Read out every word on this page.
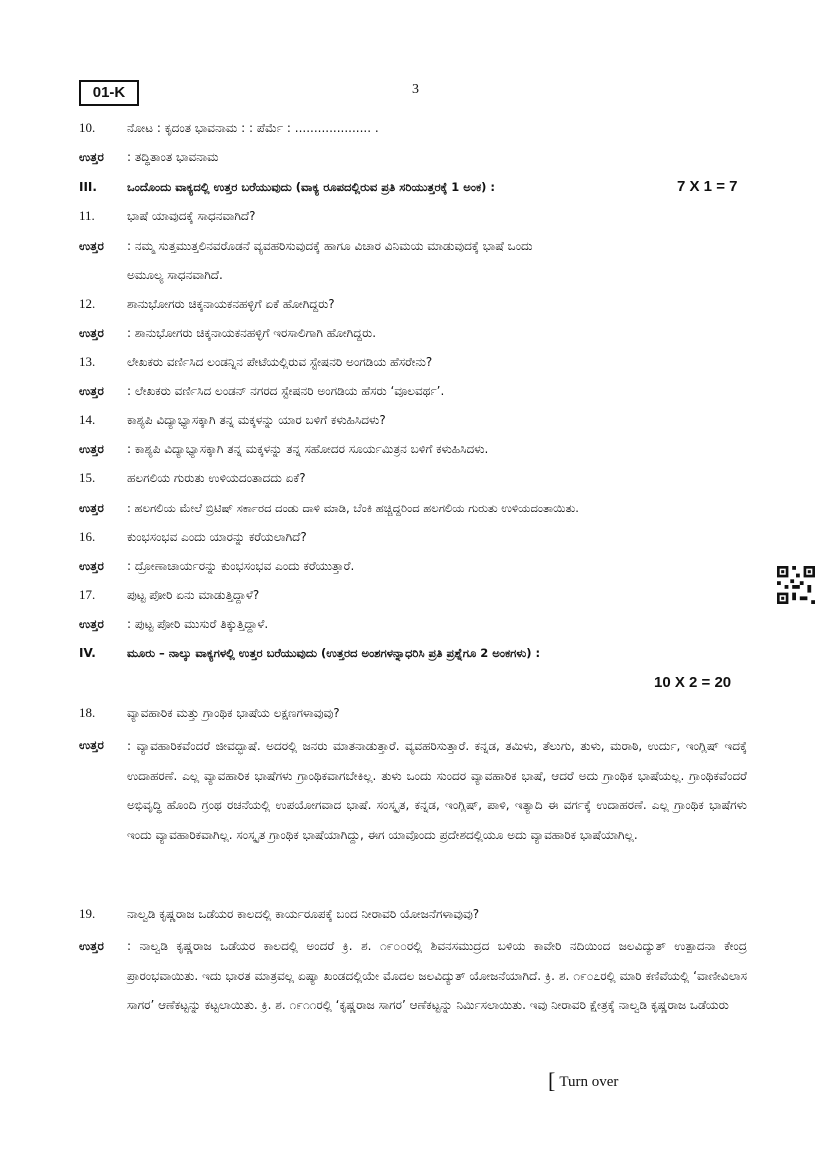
01-K	3
10.	ನೋಟ : ಕೃದಂತ ಭಾವನಾಮ : : ಪೆರ್ಮೆ : .................... .
ಉತ್ತರ : ತದ್ಧಿತಾಂತ ಭಾವನಾಮ
III.	ಒಂದೊಂದು ವಾಕ್ಯದಲ್ಲಿ ಉತ್ತರ ಬರೆಯುವುದು (ವಾಕ್ಯ ರೂಪದಲ್ಲಿರುವ ಪ್ರತಿ ಸರಿಯುತ್ತರಕ್ಕೆ 1 ಅಂಕ) :	7 X 1 = 7
11.	ಭಾಷೆ ಯಾವುದಕ್ಕೆ ಸಾಧನವಾಗಿದೆ?
ಉತ್ತರ : ನಮ್ಮ ಸುತ್ತಮುತ್ತಲಿನವರೊಡನೆ ವ್ಯವಹರಿಸುವುದಕ್ಕೆ ಹಾಗೂ ವಿಚಾರ ವಿನಿಮಯ ಮಾಡುವುದಕ್ಕೆ ಭಾಷೆ ಒಂದು
ಅಮೂಲ್ಯ ಸಾಧನವಾಗಿದೆ.
12.	ಶಾನುಭೋಗರು ಚಿಕ್ಕನಾಯಕನಹಳ್ಳಿಗೆ ಏಕೆ ಹೋಗಿದ್ದರು?
ಉತ್ತರ : ಶಾನುಭೋಗರು ಚಿಕ್ಕನಾಯಕನಹಳ್ಳಿಗೆ ಇರಸಾಲಿಗಾಗಿ ಹೋಗಿದ್ದರು.
13.	ಲೇಖಕರು ವರ್ಣಿಸಿದ ಲಂಡನ್ನಿನ ಪೇಟೆಯಲ್ಲಿರುವ ಸ್ಟೇಷನರಿ ಅಂಗಡಿಯ ಹೆಸರೇನು?
ಉತ್ತರ : ಲೇಖಕರು ವರ್ಣಿಸಿದ ಲಂಡನ್ ನಗರದ ಸ್ಟೇಷನರಿ ಅಂಗಡಿಯ ಹೆಸರು ‘ವೂಲವರ್ಥ’.
14.	ಕಾಶ್ಯಪಿ ವಿದ್ಯಾಭ್ಯಾಸಕ್ಕಾಗಿ ತನ್ನ ಮಕ್ಕಳನ್ನು ಯಾರ ಬಳಿಗೆ ಕಳುಹಿಸಿದಳು?
ಉತ್ತರ : ಕಾಶ್ಯಪಿ ವಿದ್ಯಾಭ್ಯಾಸಕ್ಕಾಗಿ ತನ್ನ ಮಕ್ಕಳನ್ನು ತನ್ನ ಸಹೋದರ ಸೂರ್ಯಮಿತ್ರನ ಬಳಿಗೆ ಕಳುಹಿಸಿದಳು.
15.	ಹಲಗಲಿಯ ಗುರುತು ಉಳಿಯದಂತಾದದು ಏಕೆ?
ಉತ್ತರ : ಹಲಗಲಿಯ ಮೇಲೆ ಬ್ರಿಟಿಷ್ ಸರ್ಕಾರದ ದಂಡು ದಾಳಿ ಮಾಡಿ, ಬೆಂಕಿ ಹಚ್ಚಿದ್ದರಿಂದ ಹಲಗಲಿಯ ಗುರುತು ಉಳಿಯದಂತಾಯಿತು.
16.	ಕುಂಭಸಂಭವ ಎಂದು ಯಾರನ್ನು ಕರೆಯಲಾಗಿದೆ?
ಉತ್ತರ : ದ್ರೋಣಾಚಾರ್ಯರನ್ನು ಕುಂಭಸಂಭವ ಎಂದು ಕರೆಯುತ್ತಾರೆ.
17.	ಪುಟ್ಟ ಪೋರಿ ಏನು ಮಾಡುತ್ತಿದ್ದಾಳೆ?
ಉತ್ತರ : ಪುಟ್ಟ ಪೋರಿ ಮುಸುರೆ ತಿಕ್ಕುತ್ತಿದ್ದಾಳೆ.
IV.	ಮೂರು – ನಾಲ್ಕು ವಾಕ್ಯಗಳಲ್ಲಿ ಉತ್ತರ ಬರೆಯುವುದು (ಉತ್ತರದ ಅಂಶಗಳನ್ನಾಧರಿಸಿ ಪ್ರತಿ ಪ್ರಶ್ನೆಗೂ 2 ಅಂಕಗಳು) :
10 X 2 = 20
18.	ವ್ಯಾವಹಾರಿಕ ಮತ್ತು ಗ್ರಾಂಥಿಕ ಭಾಷೆಯ ಲಕ್ಷಣಗಳಾವುವು?
ಉತ್ತರ : ವ್ಯಾವಹಾರಿಕವೆಂದರೆ ಜೀವದ್ಭಾಷೆ. ಅದರಲ್ಲಿ ಜನರು ಮಾತನಾಡುತ್ತಾರೆ. ವ್ಯವಹರಿಸುತ್ತಾರೆ. ಕನ್ನಡ, ತಮಿಳು, ತೆಲುಗು, ತುಳು, ಮರಾಠಿ, ಉರ್ದು, ಇಂಗ್ಲಿಷ್ ಇದಕ್ಕೆ ಉದಾಹರಣೆ. ಎಲ್ಲ ವ್ಯಾವಹಾರಿಕ ಭಾಷೆಗಳು ಗ್ರಾಂಥಿಕವಾಗಬೇಕಿಲ್ಲ. ತುಳು ಒಂದು ಸುಂದರ ವ್ಯಾವಹಾರಿಕ ಭಾಷೆ, ಆದರೆ ಅದು ಗ್ರಾಂಥಿಕ ಭಾಷೆಯಲ್ಲ. ಗ್ರಾಂಥಿಕವೆಂದರೆ ಅಭಿವೃದ್ಧಿ ಹೊಂದಿ ಗ್ರಂಥ ರಚನೆಯಲ್ಲಿ ಉಪಯೋಗವಾದ ಭಾಷೆ. ಸಂಸ್ಕೃತ, ಕನ್ನಡ, ಇಂಗ್ಲಿಷ್, ಪಾಳಿ, ಇತ್ಯಾದಿ ಈ ವರ್ಗಕ್ಕೆ ಉದಾಹರಣೆ. ಎಲ್ಲ ಗ್ರಾಂಥಿಕ ಭಾಷೆಗಳು ಇಂದು ವ್ಯಾವಹಾರಿಕವಾಗಿಲ್ಲ. ಸಂಸ್ಕೃತ ಗ್ರಾಂಥಿಕ ಭಾಷೆಯಾಗಿದ್ದು, ಈಗ ಯಾವೊಂದು ಪ್ರದೇಶದಲ್ಲಿಯೂ ಅದು ವ್ಯಾವಹಾರಿಕ ಭಾಷೆಯಾಗಿಲ್ಲ.
19.	ನಾಲ್ವಡಿ ಕೃಷ್ಣರಾಜ ಒಡೆಯರ ಕಾಲದಲ್ಲಿ ಕಾರ್ಯರೂಪಕ್ಕೆ ಬಂದ ನೀರಾವರಿ ಯೋಜನೆಗಳಾವುವು?
ಉತ್ತರ : ನಾಲ್ವಡಿ ಕೃಷ್ಣರಾಜ ಒಡೆಯರ ಕಾಲದಲ್ಲಿ ಅಂದರೆ ಕ್ರಿ. ಶ. ೧೯೦೦ರಲ್ಲಿ ಶಿವನಸಮುದ್ರದ ಬಳಿಯ ಕಾವೇರಿ ನದಿಯಿಂದ ಜಲವಿದ್ಯುತ್ ಉತ್ಪಾದನಾ ಕೇಂದ್ರ ಪ್ರಾರಂಭವಾಯಿತು. ಇದು ಭಾರತ ಮಾತ್ರವಲ್ಲ ಏಷ್ಯಾ ಖಂಡದಲ್ಲಿಯೇ ಮೊದಲ ಜಲವಿದ್ಯುತ್ ಯೋಜನೆಯಾಗಿದೆ. ಕ್ರಿ. ಶ. ೧೯೦೭ರಲ್ಲಿ ಮಾರಿ ಕಣಿವೆಯಲ್ಲಿ ‘ವಾಣೀವಿಲಾಸ ಸಾಗರ’ ಆಣೆಕಟ್ಟನ್ನು ಕಟ್ಟಲಾಯಿತು. ಕ್ರಿ. ಶ. ೧೯೧೧ರಲ್ಲಿ ‘ಕೃಷ್ಣರಾಜ ಸಾಗರ’ ಆಣೆಕಟ್ಟನ್ನು ನಿರ್ಮಿಸಲಾಯಿತು. ಇವು ನೀರಾವರಿ ಕ್ಷೇತ್ರಕ್ಕೆ ನಾಲ್ವಡಿ ಕೃಷ್ಣರಾಜ ಒಡೆಯರು
[ Turn over
